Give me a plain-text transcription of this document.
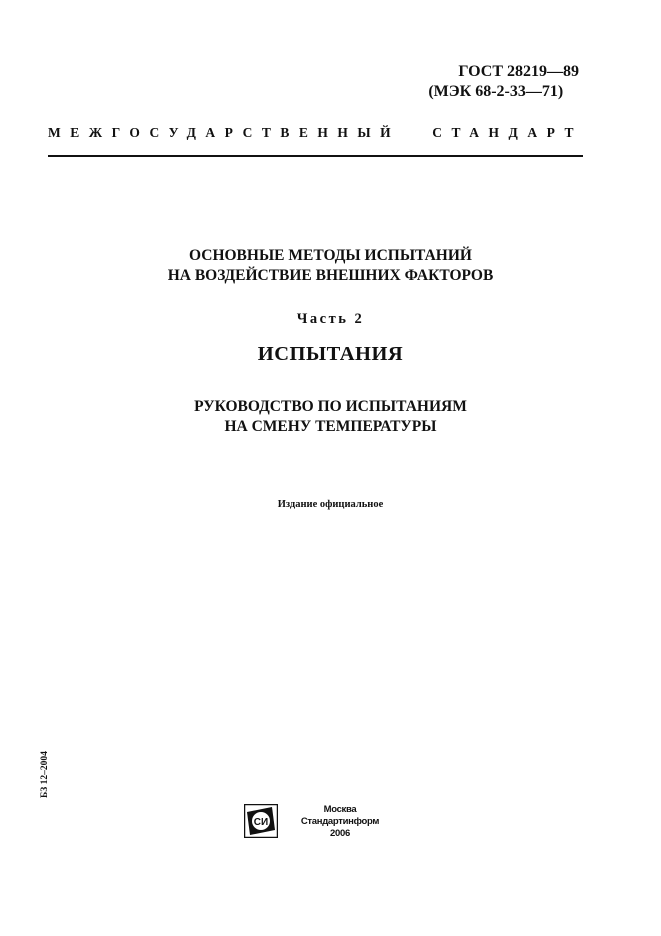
ГОСТ 28219—89
(МЭК 68-2-33—71)
МЕЖГОСУДАРСТВЕННЫЙ СТАНДАРТ
ОСНОВНЫЕ МЕТОДЫ ИСПЫТАНИЙ
НА ВОЗДЕЙСТВИЕ ВНЕШНИХ ФАКТОРОВ
Часть 2
ИСПЫТАНИЯ
РУКОВОДСТВО ПО ИСПЫТАНИЯМ
НА СМЕНУ ТЕМПЕРАТУРЫ
Издание официальное
БЗ 12–2004
СИ
Москва
Стандартинформ
2006
